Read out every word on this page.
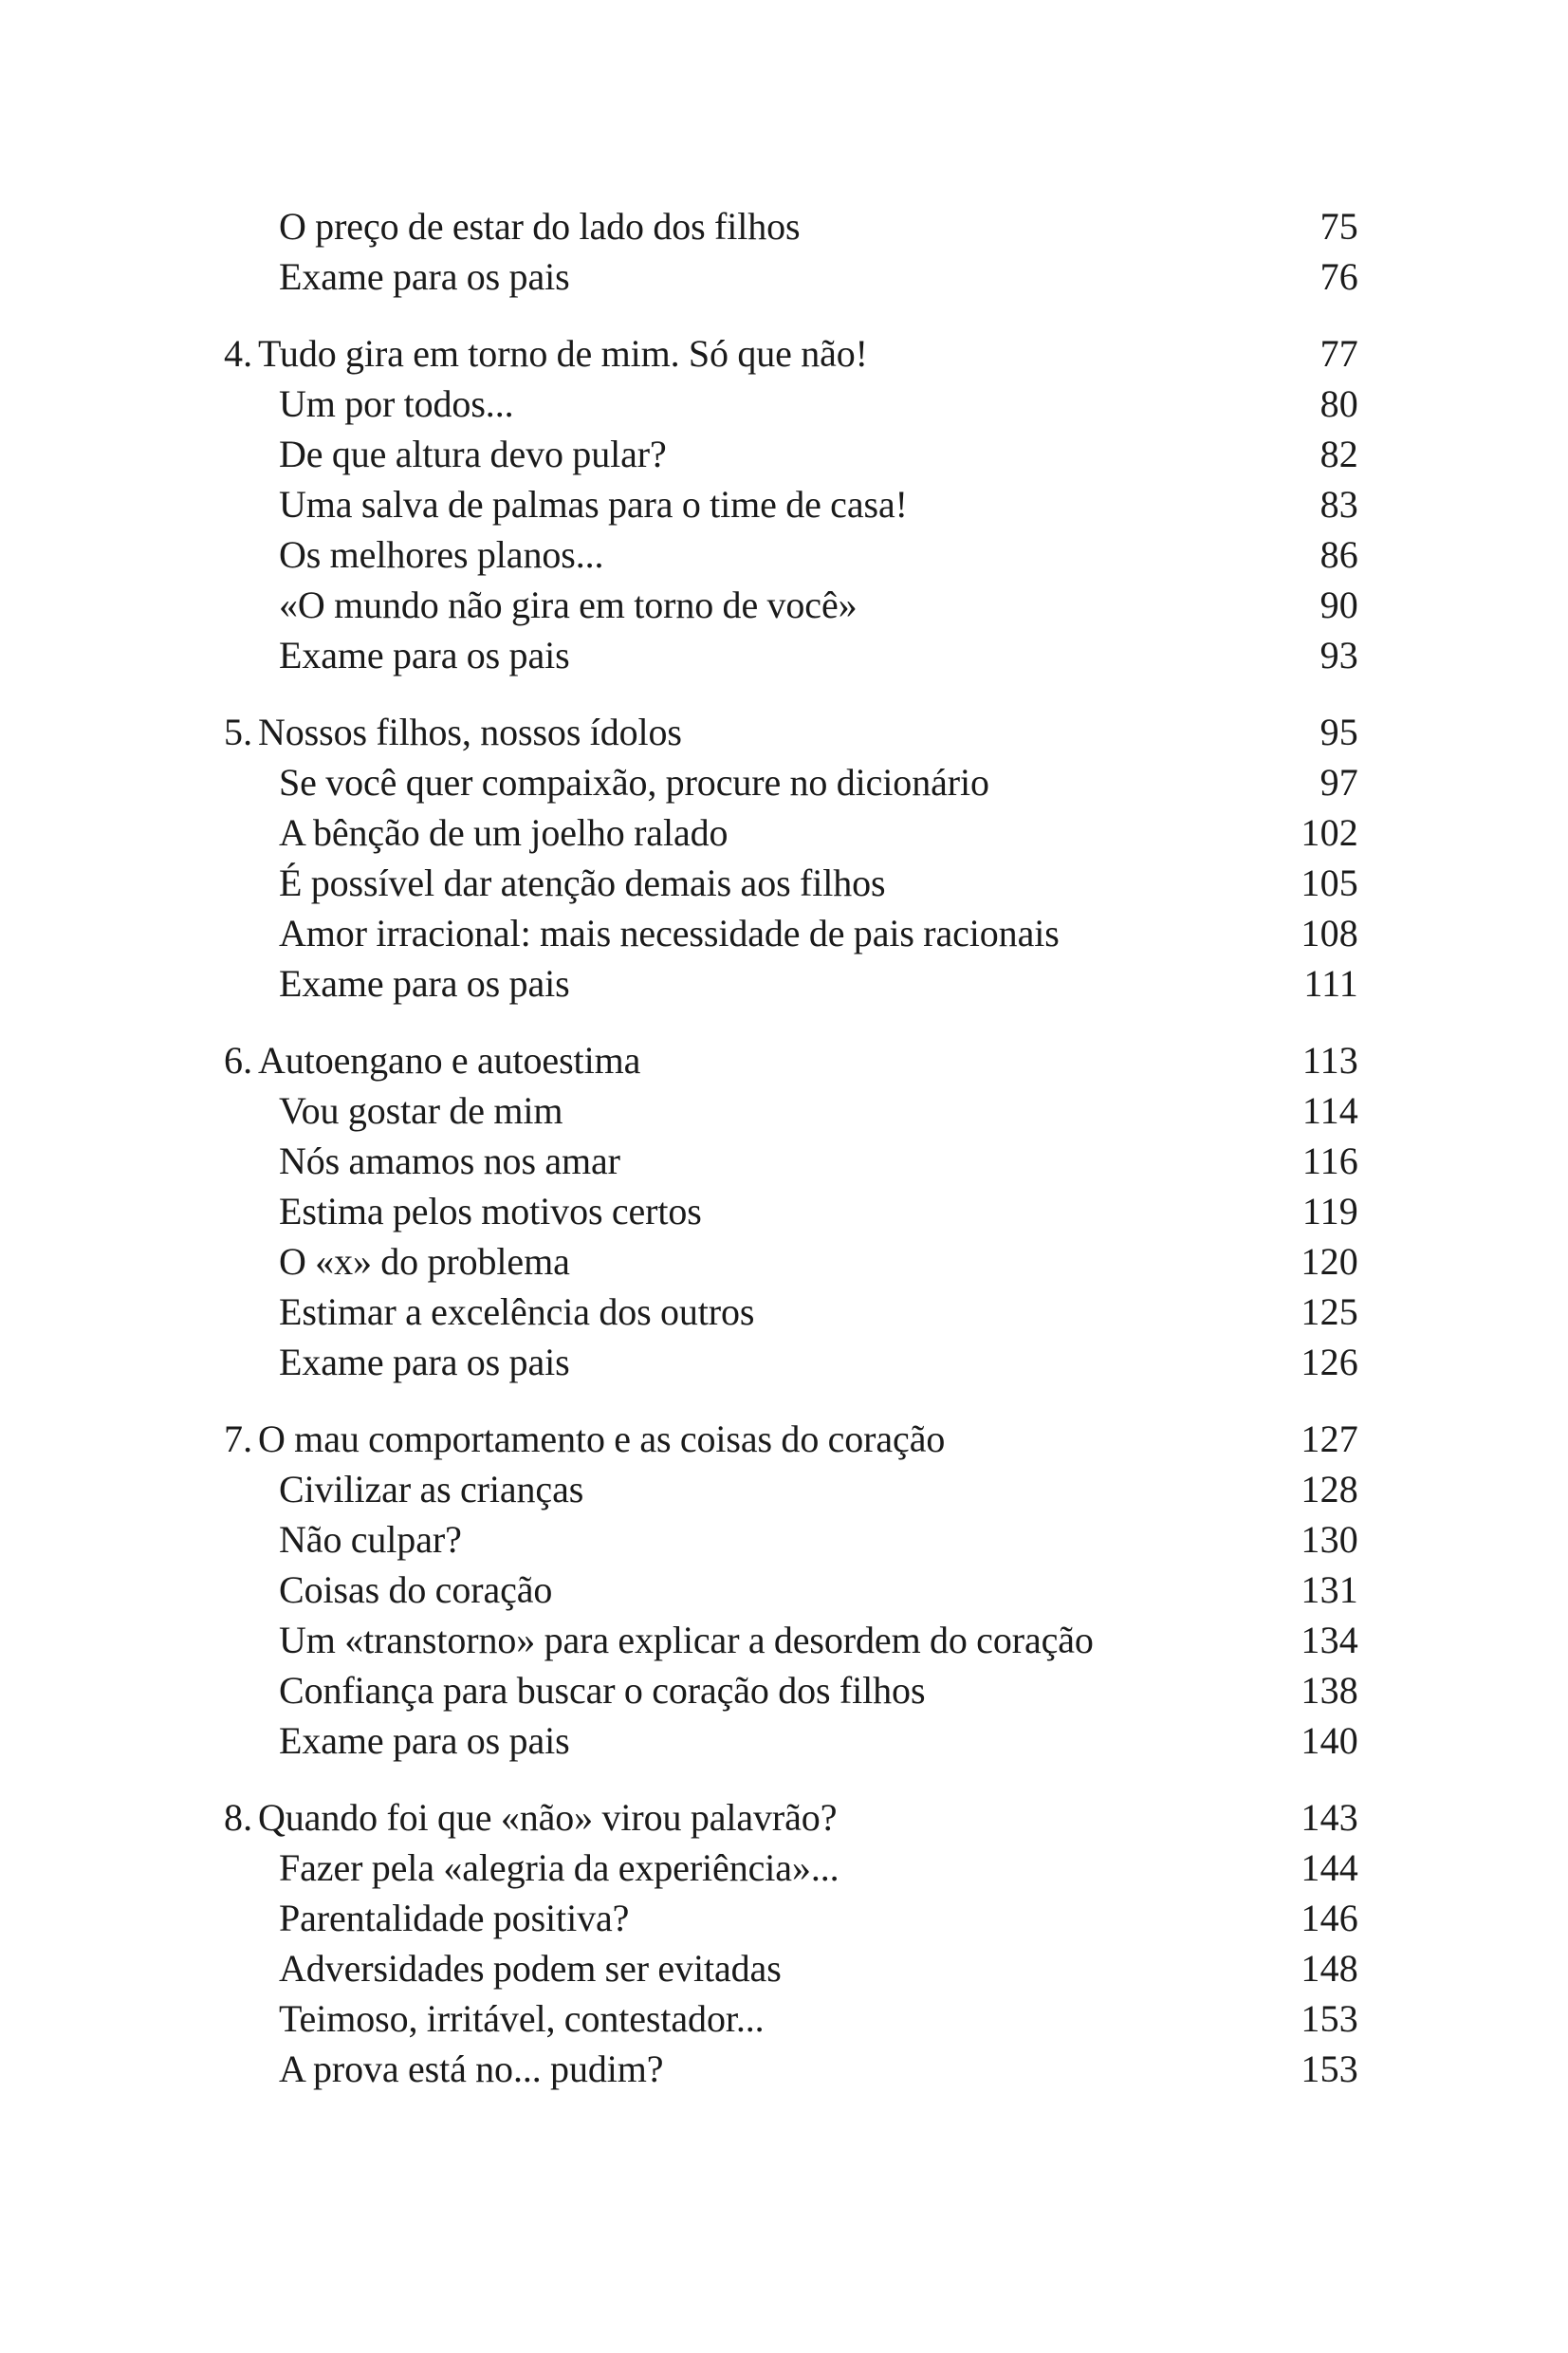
O preço de estar do lado dos filhos	75
Exame para os pais	76
4. Tudo gira em torno de mim. Só que não!	77
Um por todos...	80
De que altura devo pular?	82
Uma salva de palmas para o time de casa!	83
Os melhores planos...	86
«O mundo não gira em torno de você»	90
Exame para os pais	93
5. Nossos filhos, nossos ídolos	95
Se você quer compaixão, procure no dicionário	97
A bênção de um joelho ralado	102
É possível dar atenção demais aos filhos	105
Amor irracional: mais necessidade de pais racionais	108
Exame para os pais	111
6. Autoengano e autoestima	113
Vou gostar de mim	114
Nós amamos nos amar	116
Estima pelos motivos certos	119
O «x» do problema	120
Estimar a excelência dos outros	125
Exame para os pais	126
7. O mau comportamento e as coisas do coração	127
Civilizar as crianças	128
Não culpar?	130
Coisas do coração	131
Um «transtorno» para explicar a desordem do coração	134
Confiança para buscar o coração dos filhos	138
Exame para os pais	140
8. Quando foi que «não» virou palavrão?	143
Fazer pela «alegria da experiência»...	144
Parentalidade positiva?	146
Adversidades podem ser evitadas	148
Teimoso, irritável, contestador...	153
A prova está no... pudim?	153
